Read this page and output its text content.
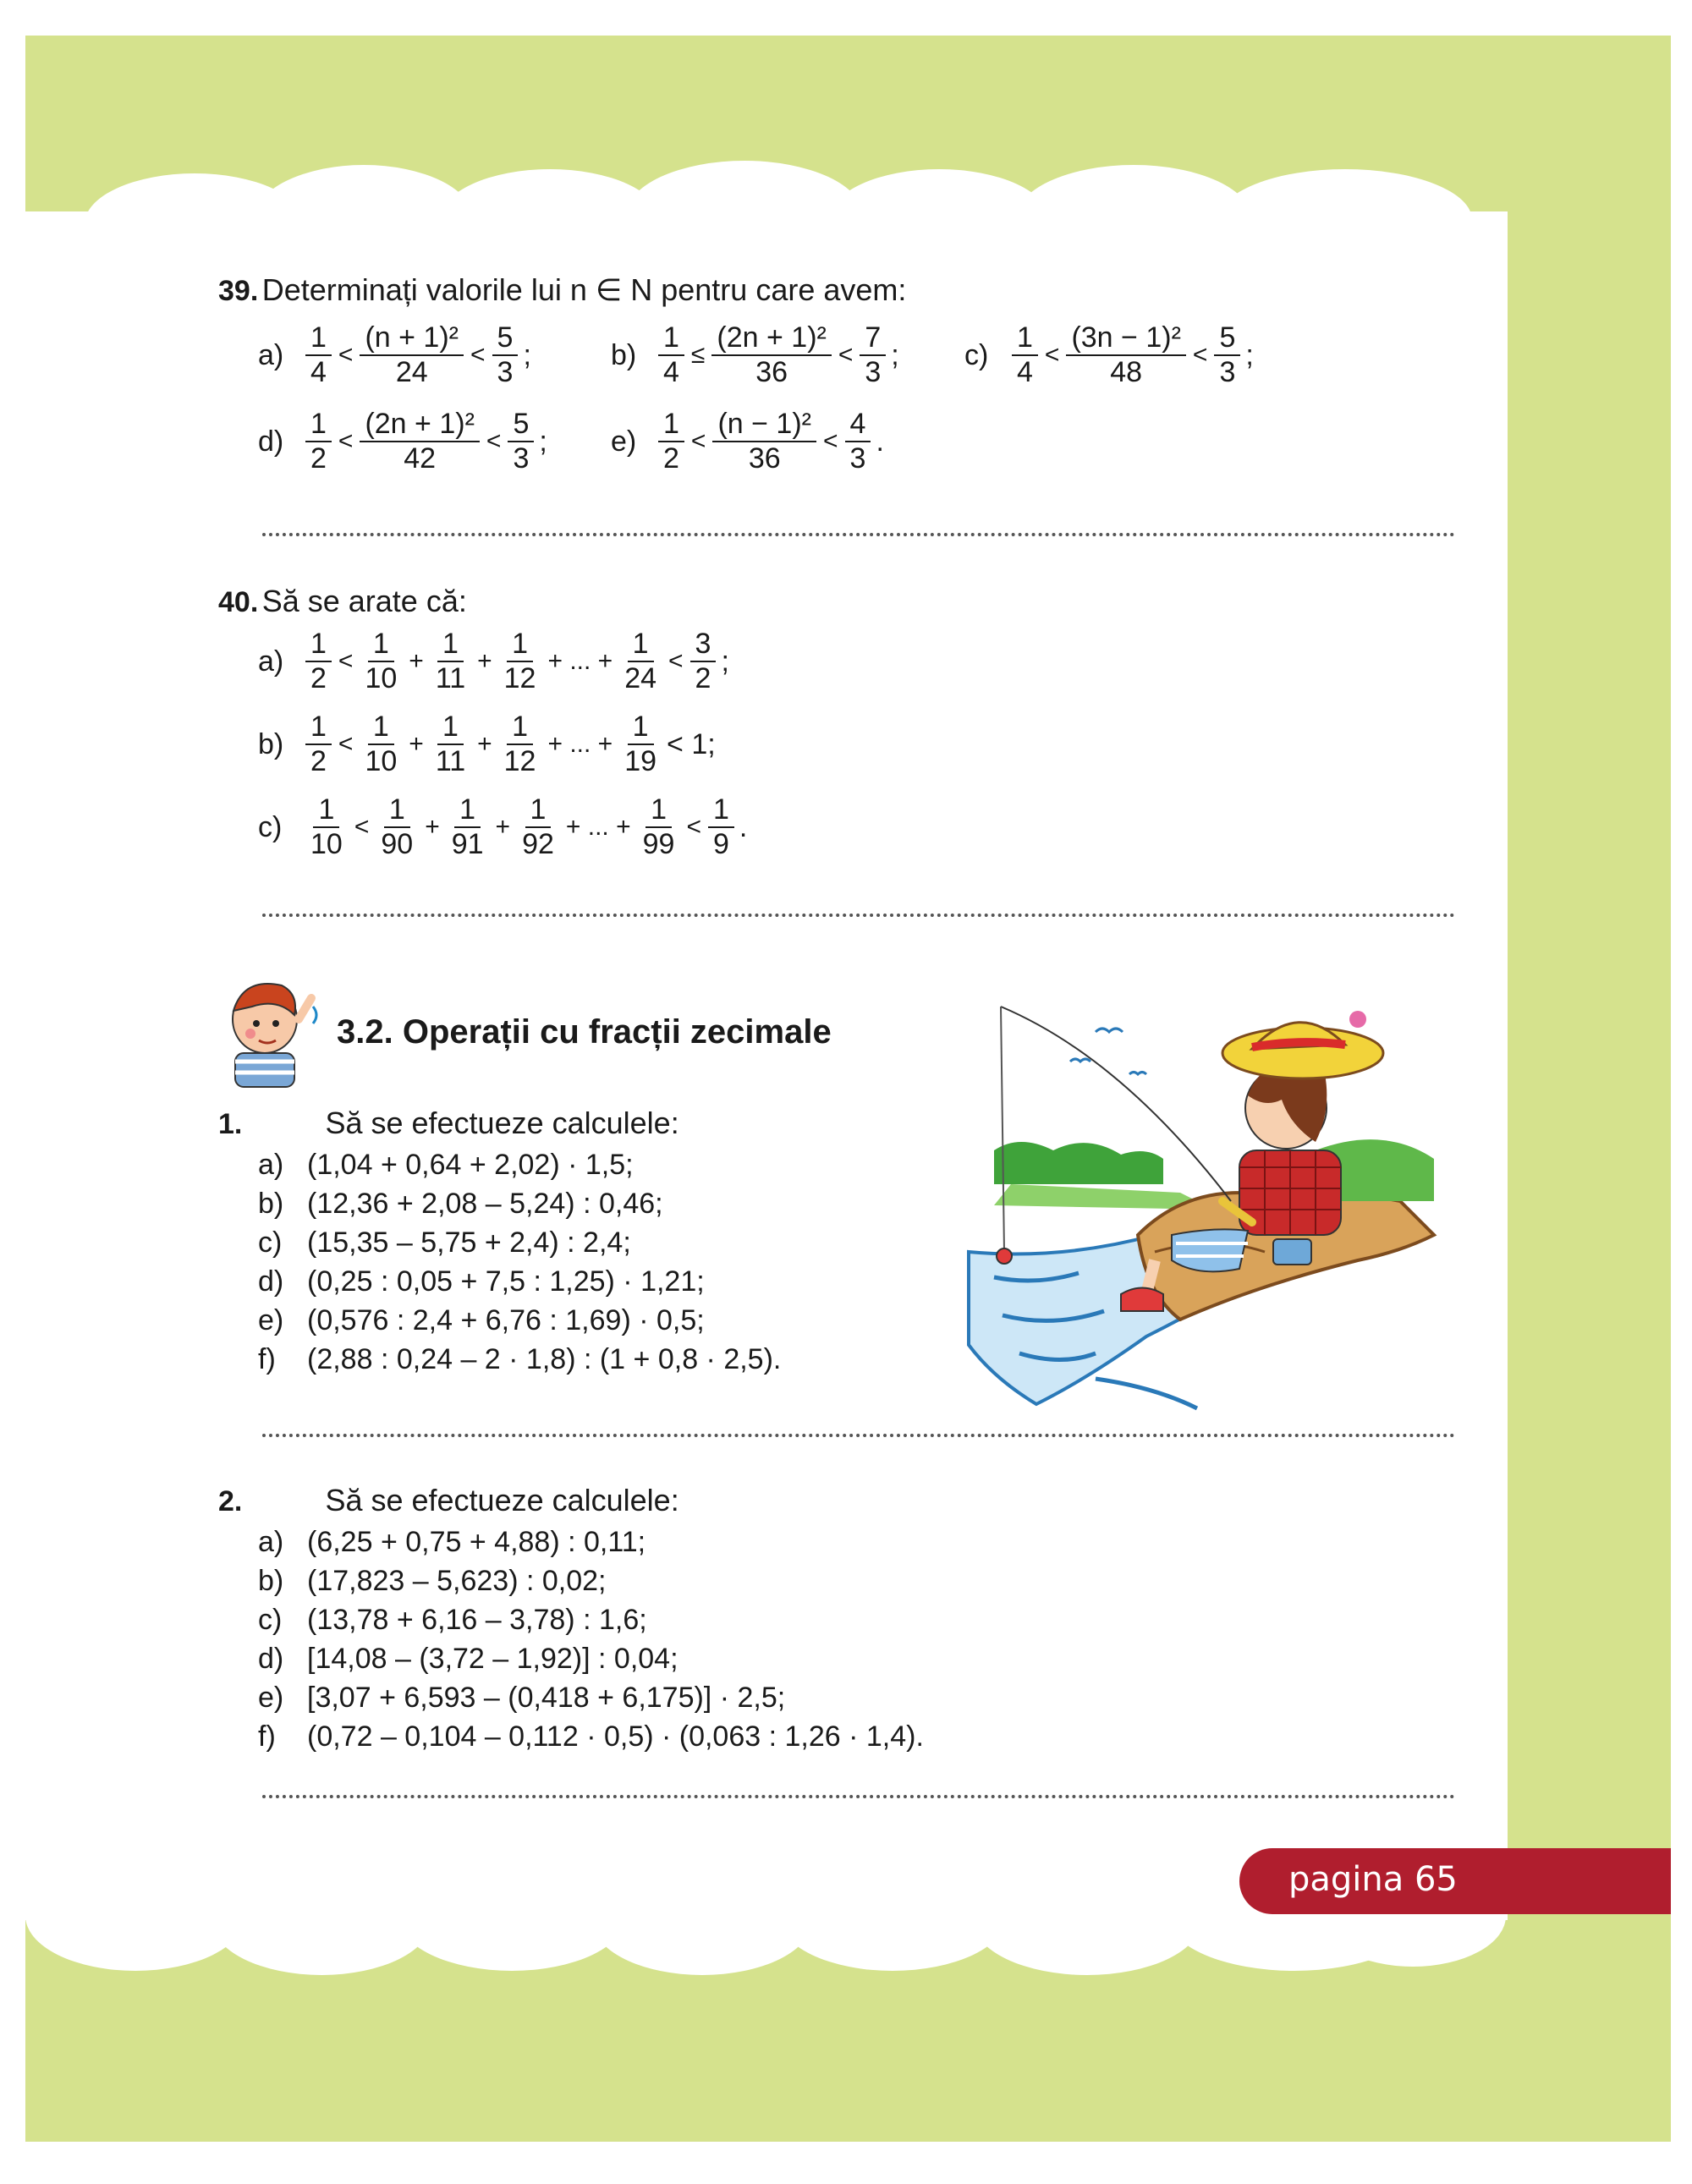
39. Determinați valorile lui n ∈ N pentru care avem:
$a) \frac{1}{4} < \frac{\text{(n + 1)²}}{24} < \frac{5}{3}$ ;	$b) \frac{1}{4} \le \frac{\text{(2n + 1)²}}{36} < \frac{7}{3}$ ; $c) \frac{1}{4} < \frac{\text{(3n − 1)²}}{48} < \frac{5}{3}$ ;
$d) \frac{1}{2} < \frac{\text{(2n + 1)²}}{42} < \frac{5}{3}$ ; $e) \frac{1}{2} < \frac{\text{(n − 1)²}}{36} < \frac{4}{3}$ .
40. Să se arate că:
$a) \frac{1}{2} < \frac{1}{10} + \frac{1}{11} + \frac{1}{12}$ + ... + $\frac{1}{24} < \frac{3}{2}$ ;
$b) \frac{1}{2} < \frac{1}{10} + \frac{1}{11} + \frac{1}{12}$ + ... + $\frac{1}{19} < 1$;
$c) \frac{1}{10} < \frac{1}{90} + \frac{1}{91} + \frac{1}{92}$ + ... + $\frac{1}{99} < \frac{1}{9}$ .
3.2. Operații cu fracții zecimale
1.	Să se efectueze calculele:
a) (1,04 + 0,64 + 2,02) · 1,5;
b) (12,36 + 2,08 – 5,24) : 0,46;
c) (15,35 – 5,75 + 2,4) : 2,4;
d) (0,25 : 0,05 + 7,5 : 1,25) · 1,21;
e) (0,576 : 2,4 + 6,76 : 1,69) · 0,5;
f) (2,88 : 0,24 – 2 · 1,8) : (1 + 0,8 · 2,5).
2.	Să se efectueze calculele:
a) (6,25 + 0,75 + 4,88) : 0,11;
b) (17,823 – 5,623) : 0,02;
c) (13,78 + 6,16 – 3,78) : 1,6;
d) [14,08 – (3,72 – 1,92)] : 0,04;
e) [3,07 + 6,593 – (0,418 + 6,175)] · 2,5;
f) (0,72 – 0,104 – 0,112 · 0,5) · (0,063 : 1,26 · 1,4).
pagina 65
